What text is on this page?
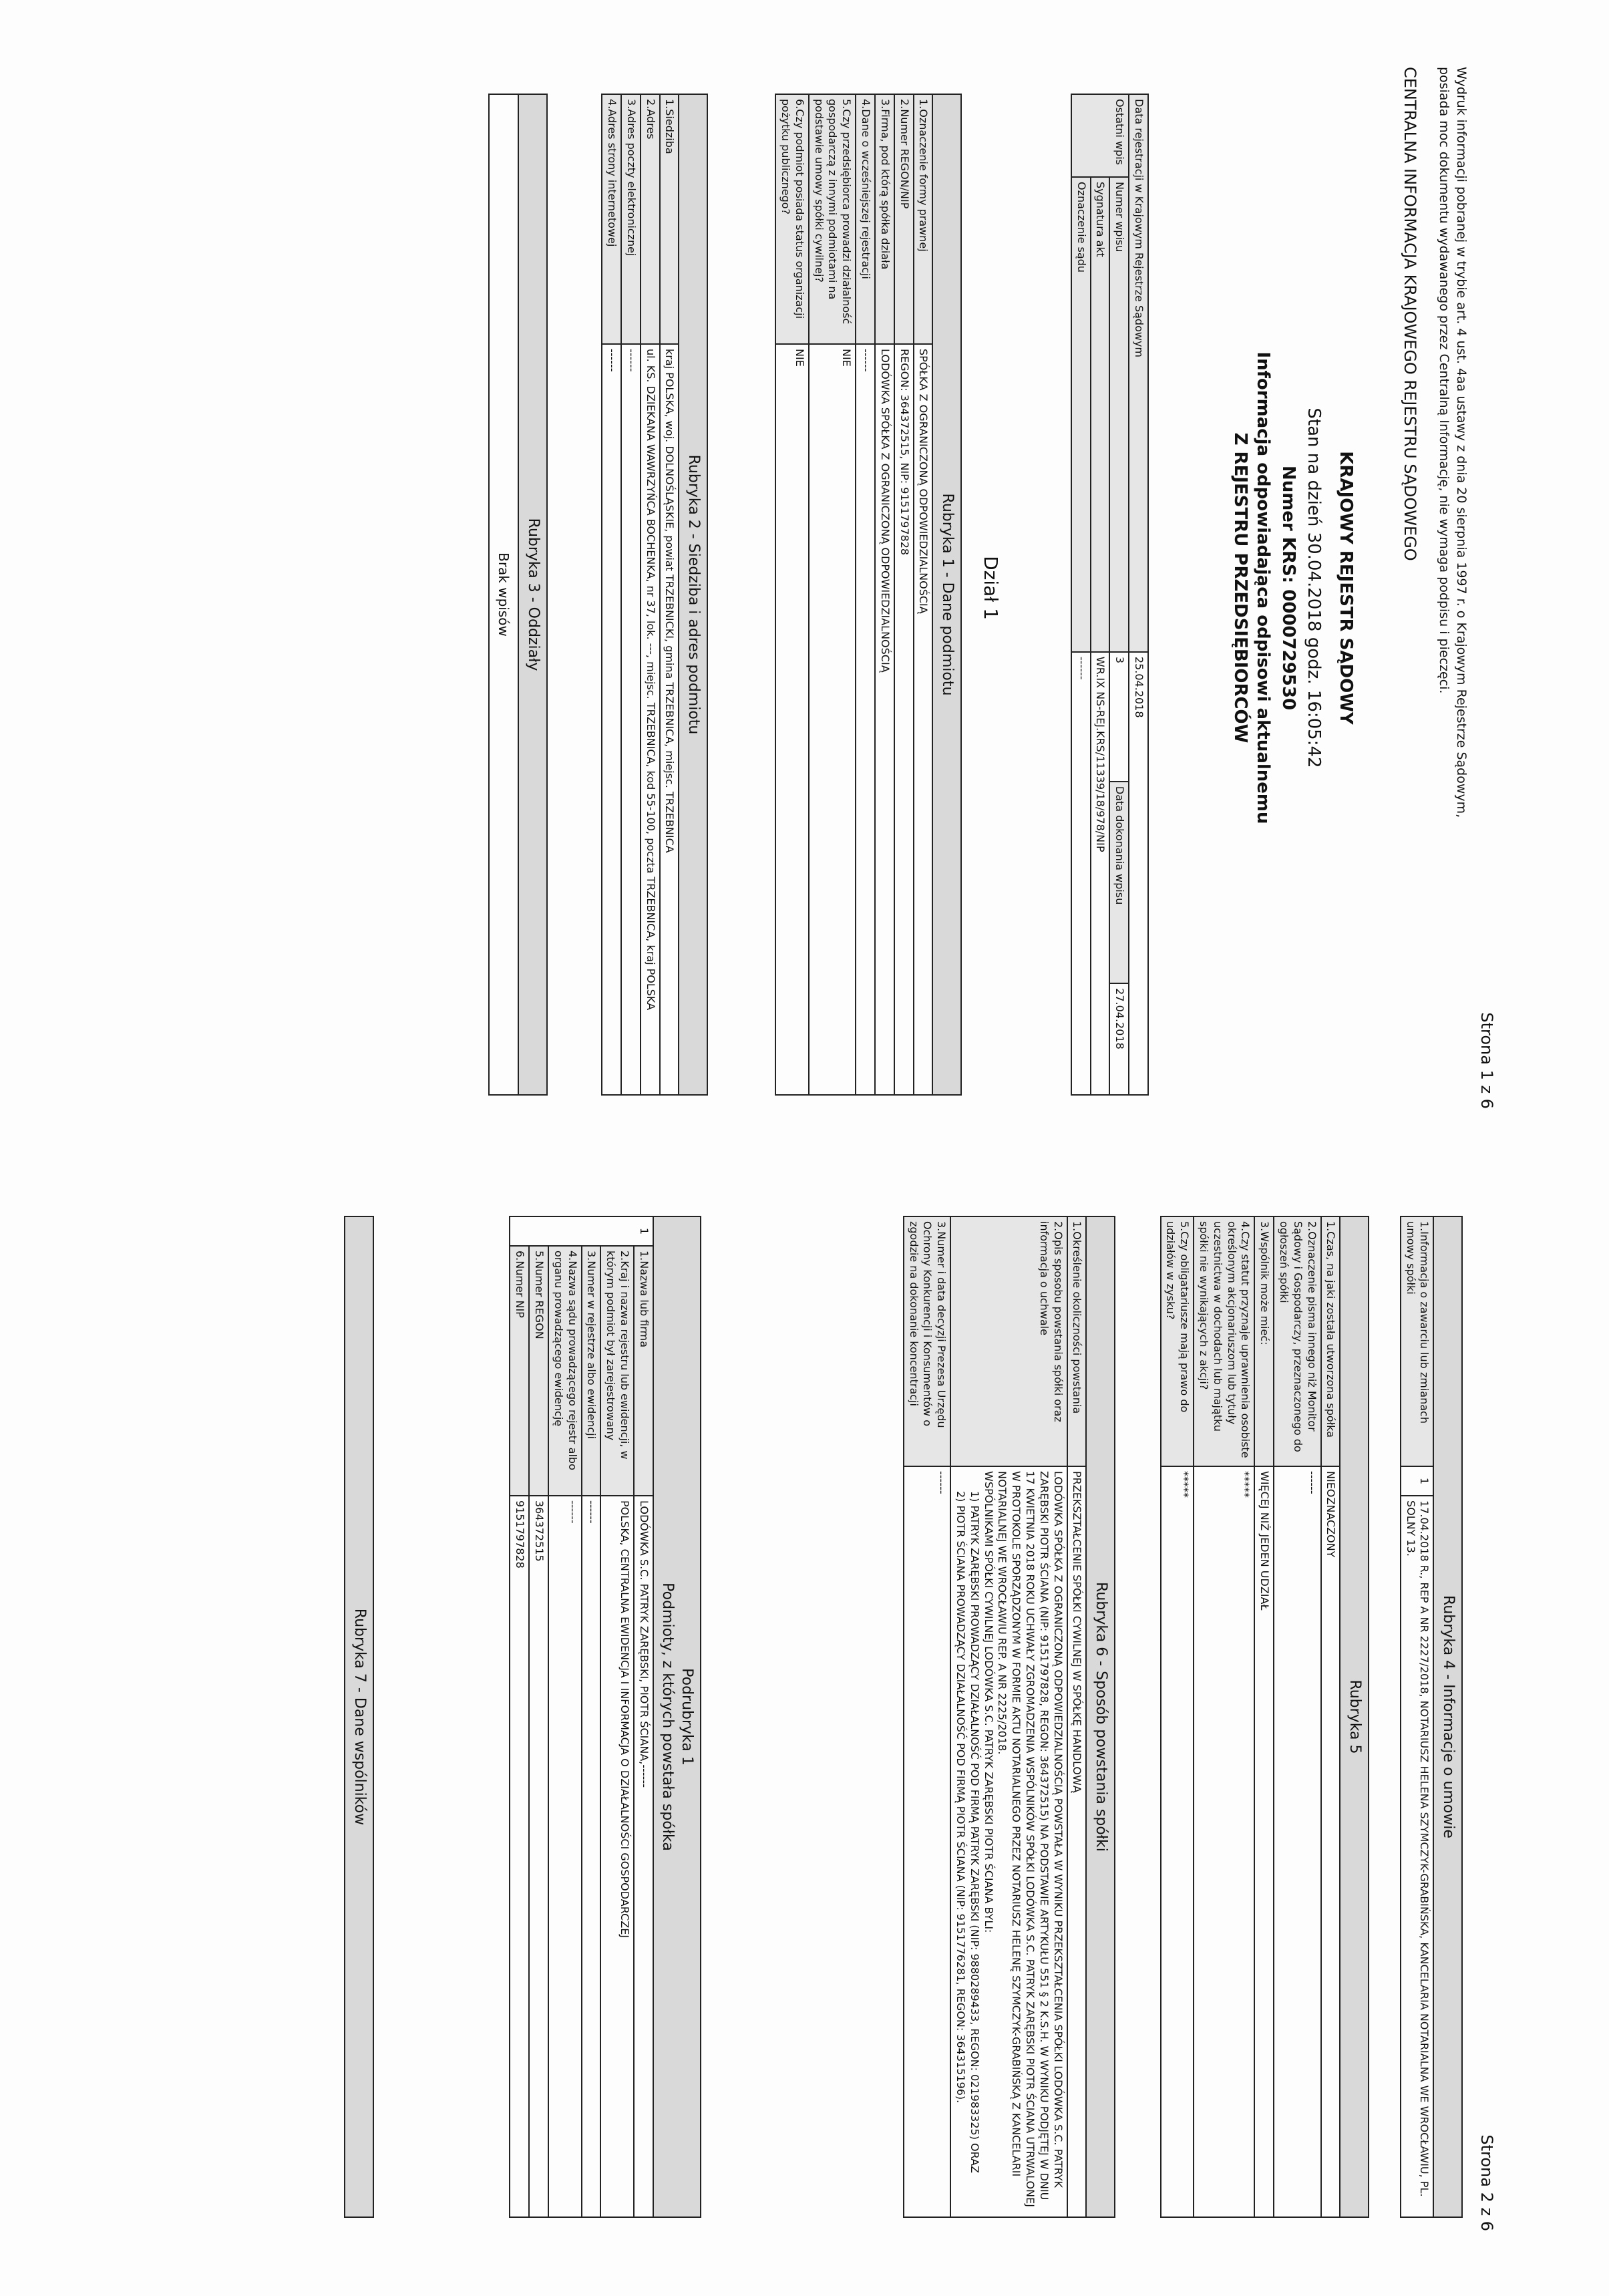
Strona 1 z 6
Wydruk informacji pobranej w trybie art. 4 ust. 4aa ustawy z dnia 20 sierpnia 1997 r. o Krajowym Rejestrze Sądowym,
posiada moc dokumentu wydawanego przez Centralną Informację, nie wymaga podpisu i pieczęci.
CENTRALNA INFORMACJA KRAJOWEGO REJESTRU SĄDOWEGO
KRAJOWY REJESTR SĄDOWY
Stan na dzień 30.04.2018 godz. 16:05:42
Numer KRS: 0000729530
Informacja odpowiadająca odpisowi aktualnemu
Z REJESTRU PRZEDSIĘBIORCÓW
Data rejestracji w Krajowym Rejestrze Sądowym		25.04.2018		
Ostatni wpis	Numer wpisu	3	Data dokonania wpisu	27.04.2018
	Sygnatura akt	WR.IX NS-REJ.KRS/11339/18/978/NIP		
	Oznaczenie sądu	------		
Dział 1
Rubryka 1 - Dane podmiotu	
1.Oznaczenie formy prawnej	SPÓŁKA Z OGRANICZONĄ ODPOWIEDZIALNOŚCIĄ
2.Numer REGON/NIP	REGON: 364372515, NIP: 9151797828
3.Firma, pod którą spółka działa	LODÓWKA SPÓŁKA Z OGRANICZONĄ ODPOWIEDZIALNOŚCIĄ
4.Dane o wcześniejszej rejestracji	------
5.Czy przedsiębiorca prowadzi działalność gospodarczą z innymi podmiotami na podstawie umowy spółki cywilnej?	NIE
6.Czy podmiot posiada status organizacji pożytku publicznego?	NIE
Rubryka 2 - Siedziba i adres podmiotu	
1.Siedziba	kraj POLSKA, woj. DOLNOŚLĄSKIE, powiat TRZEBNICKI, gmina TRZEBNICA, miejsc. TRZEBNICA
2.Adres	ul. KS. DZIEKANA WAWRZYŃCA BOCHENKA, nr 37, lok. ---, miejsc. TRZEBNICA, kod 55-100, poczta TRZEBNICA, kraj POLSKA
3.Adres poczty elektronicznej	------
4.Adres strony internetowej	------
Rubryka 3 - Oddziały
Brak wpisów
Strona 2 z 6
Rubryka 4 - Informacje o umowie
1.Informacja o zawarciu lub zmianach umowy spółki	1	17.04.2018 R., REP A NR 2227/2018, NOTARIUSZ HELENA SZYMCZYK-GRABIŃSKA, KANCELARIA NOTARIALNA WE WROCŁAWIU, PL. SOLNY 13.
Rubryka 5	
1.Czas, na jaki została utworzona spółka	NIEOZNACZONY
2.Oznaczenie pisma innego niż Monitor Sądowy i Gospodarczy, przeznaczonego do ogłoszeń spółki	------
3.Wspólnik może mieć:	WIĘCEJ NIŻ JEDEN UDZIAŁ
4.Czy statut przyznaje uprawnienia osobiste określonym akcjonariuszom lub tytuły uczestnictwa w dochodach lub majątku spółki nie wynikających z akcji?	*****
5.Czy obligatariusze mają prawo do udziałów w zysku?	*****
Rubryka 6 - Sposób powstania spółki	
1.Określenie okoliczności powstania	PRZEKSZTAŁCENIE SPÓŁKI CYWILNEJ W SPÓŁKĘ HANDLOWĄ
2.Opis sposobu powstania spółki oraz informacja o uchwale	LODÓWKA SPÓŁKA Z OGRANICZONĄ ODPOWIEDZIALNOŚCIĄ POWSTAŁA W WYNIKU PRZEKSZTAŁCENIA SPÓŁKI LODÓWKA S.C. PATRYK ZARĘBSKI PIOTR ŚCIANA (NIP: 9151797828, REGON: 364372515) NA PODSTAWIE ARTYKUŁU 551 § 2 K.S.H. W WYNIKU PODJĘTEJ W DNIU 17 KWIETNIA 2018 ROKU UCHWAŁY ZGROMADZENIA WSPÓLNIKÓW SPÓŁKI LODÓWKA S.C. PATRYK ZARĘBSKI PIOTR ŚCIANA UTRWALONEJ W PROTOKOLE SPORZĄDZONYM W FORMIE AKTU NOTARIALNEGO PRZEZ NOTARIUSZ HELENĘ SZYMCZYK-GRABIŃSKĄ Z KANCELARII NOTARIALNEJ WE WROCŁAWIU REP. A NR 2225/2018.
WSPÓLNIKAMI SPÓŁKI CYWILNEJ LODÓWKA S.C. PATRYK ZARĘBSKI PIOTR ŚCIANA BYLI:
1) PATRYK ZARĘBSKI PROWADZĄCY DZIAŁALNOŚĆ POD FIRMĄ PATRYK ZARĘBSKI (NIP: 9880289433, REGON: 021983325) ORAZ
2) PIOTR ŚCIANA PROWADZĄCY DZIAŁALNOŚĆ POD FIRMĄ PIOTR ŚCIANA (NIP: 9151776281, REGON: 364315196).

3.Numer i data decyzji Prezesa Urzędu Ochrony Konkurencji i Konsumentów o zgodzie na dokonanie koncentracji	------
Podrubryka 1
Podmioty, z których powstała spółka		

1	1.Nazwa lub firma	LODÓWKA S.C. PATRYK ZARĘBSKI, PIOTR ŚCIANA,------
	2.Kraj i nazwa rejestru lub ewidencji, w którym podmiot był zarejestrowany	POLSKA, CENTRALNA EWIDENCJA I INFORMACJA O DZIAŁALNOŚCI GOSPODARCZEJ
	3.Numer w rejestrze albo ewidencji	------
	4.Nazwa sądu prowadzącego rejestr albo organu prowadzącego ewidencję	------
	5.Numer REGON	364372515
	6.Numer NIP	9151797828
Rubryka 7 - Dane wspólników
